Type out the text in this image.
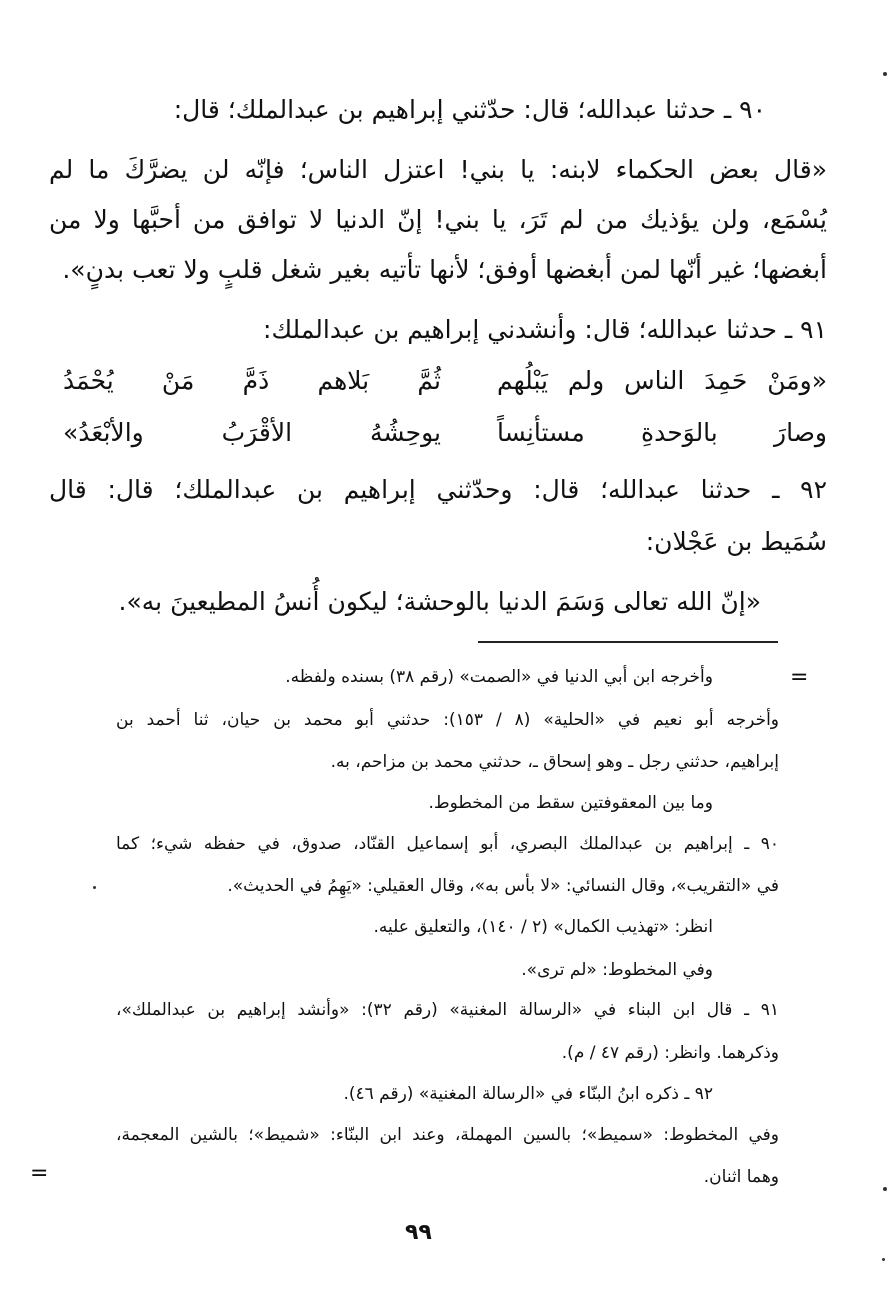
٩٠ ـ حدثنا عبدالله؛ قال: حدّثني إبراهيم بن عبدالملك؛ قال:
«قال بعض الحكماء لابنه: يا بني! اعتزل الناس؛ فإنّه لن يضرَّكَ ما لم
يُسْمَع، ولن يؤذيك من لم تَرَ، يا بني! إنّ الدنيا لا توافق من أحبَّها ولا من
أبغضها؛ غير أنّها لمن أبغضها أوفق؛ لأنها تأتيه بغير شغل قلبٍ ولا تعب بدنٍ».
٩١ ـ حدثنا عبدالله؛ قال: وأنشدني إبراهيم بن عبدالملك:
«ومَنْ حَمِدَ الناس ولم يَبْلُهم
ثُمَّ بَلاهم ذَمَّ مَنْ يُحْمَدُ
وصارَ بالوَحدةِ مستأنِساً
يوحِشُهُ الأقْرَبُ والأبْعَدُ»
٩٢ ـ حدثنا عبدالله؛ قال: وحدّثني إبراهيم بن عبدالملك؛ قال: قال
سُمَيط بن عَجْلان:
«إنّ الله تعالى وَسَمَ الدنيا بالوحشة؛ ليكون أُنسُ المطيعينَ به».
وأخرجه ابن أبي الدنيا في «الصمت» (رقم ٣٨) بسنده ولفظه.
وأخرجه أبو نعيم في «الحلية» (٨ / ١٥٣): حدثني أبو محمد بن حيان، ثنا أحمد بن
إبراهيم، حدثني رجل ـ وهو إسحاق ـ، حدثني محمد بن مزاحم، به.
وما بين المعقوفتين سقط من المخطوط.
٩٠ ـ إبراهيم بن عبدالملك البصري، أبو إسماعيل القنّاد، صدوق، في حفظه شيء؛ كما
في «التقريب»، وقال النسائي: «لا بأس به»، وقال العقيلي: «يَهِمُ في الحديث».
انظر: «تهذيب الكمال» (٢ / ١٤٠)، والتعليق عليه.
وفي المخطوط: «لم ترى».
٩١ ـ قال ابن البناء في «الرسالة المغنية» (رقم ٣٢): «وأنشد إبراهيم بن عبدالملك»،
وذكرهما. وانظر: (رقم ٤٧ / م).
٩٢ ـ ذكره ابنُ البنّاء في «الرسالة المغنية» (رقم ٤٦).
وفي المخطوط: «سميط»؛ بالسين المهملة، وعند ابن البنّاء: «شميط»؛ بالشين المعجمة،
وهما اثنان.
=
=
٩٩
